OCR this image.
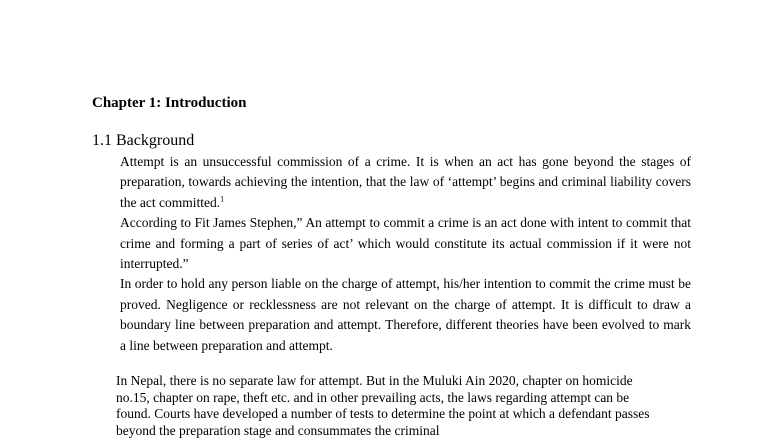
Chapter 1: Introduction
1.1 Background

Attempt is an unsuccessful commission of a crime. It is when an act has gone beyond the stages of preparation, towards achieving the intention, that the law of ‘attempt’ begins and criminal liability covers the act committed.$^1$

According to Fit James Stephen,” An attempt to commit a crime is an act done with intent to commit that crime and forming a part of series of act’ which would constitute its actual commission if it were not interrupted.”

In order to hold any person liable on the charge of attempt, his/her intention to commit the crime must be proved. Negligence or recklessness are not relevant on the charge of attempt. It is difficult to draw a boundary line between preparation and attempt. Therefore, different theories have been evolved to mark a line between preparation and attempt.

In Nepal, there is no separate law for attempt. But in the Muluki Ain 2020, chapter on homicide no.15, chapter on rape, theft etc. and in other prevailing acts, the laws regarding attempt can be found. Courts have developed a number of tests to determine the point at which a defendant passes beyond the preparation stage and consummates the criminal
